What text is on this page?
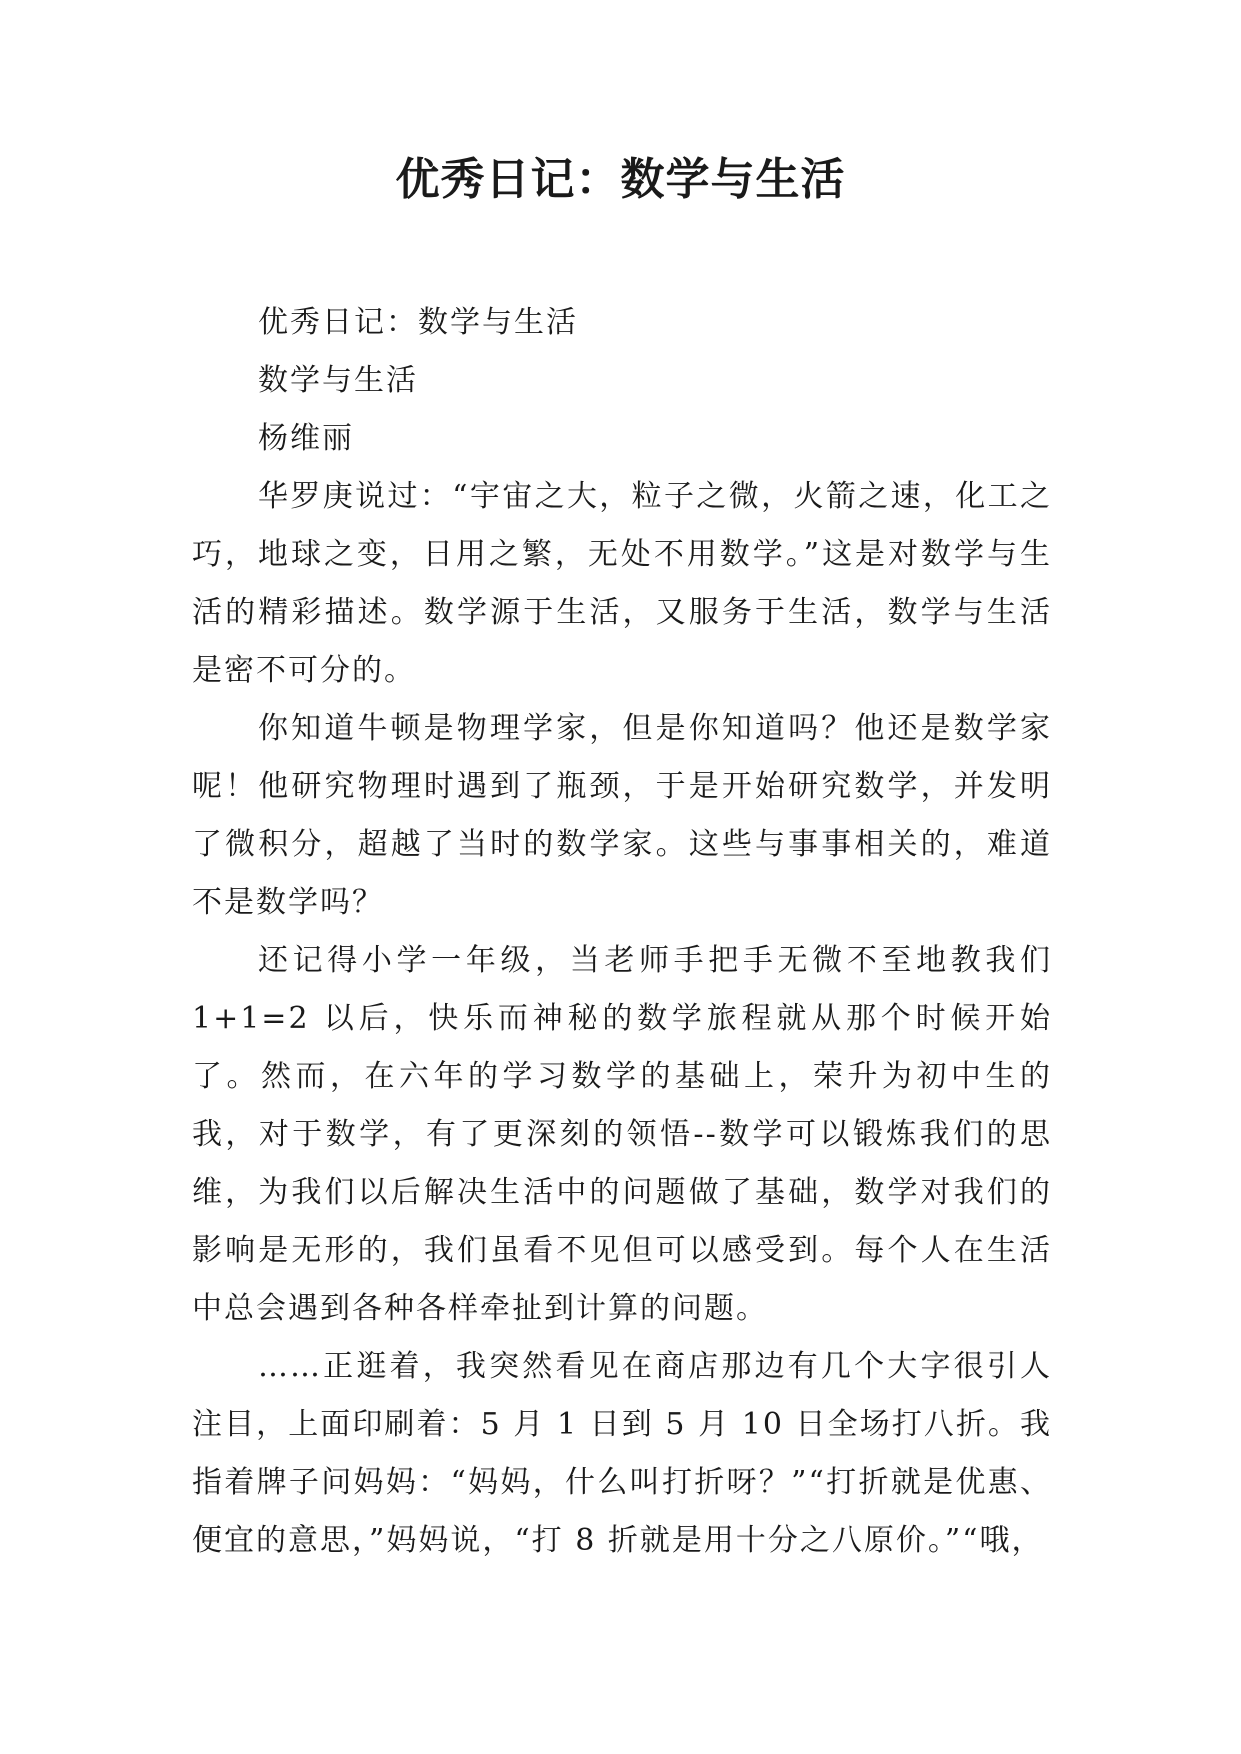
优秀日记：数学与生活

优秀日记：数学与生活

数学与生活

杨维丽

华罗庚说过：“宇宙之大，粒子之微，火箭之速，化工之巧，地球之变，日用之繁，无处不用数学。”这是对数学与生活的精彩描述。数学源于生活，又服务于生活，数学与生活是密不可分的。

你知道牛顿是物理学家，但是你知道吗？他还是数学家呢！他研究物理时遇到了瓶颈，于是开始研究数学，并发明了微积分，超越了当时的数学家。这些与事事相关的，难道不是数学吗？

还记得小学一年级，当老师手把手无微不至地教我们 1+1=2 以后，快乐而神秘的数学旅程就从那个时候开始了。然而，在六年的学习数学的基础上，荣升为初中生的我，对于数学，有了更深刻的领悟--数学可以锻炼我们的思维，为我们以后解决生活中的问题做了基础，数学对我们的影响是无形的，我们虽看不见但可以感受到。每个人在生活中总会遇到各种各样牵扯到计算的问题。

……正逛着，我突然看见在商店那边有几个大字很引人注目，上面印刷着：5 月 1 日到 5 月 10 日全场打八折。我指着牌子问妈妈：“妈妈，什么叫打折呀？”“打折就是优惠、便宜的意思，”妈妈说，“打 8 折就是用十分之八原价。”“哦，
